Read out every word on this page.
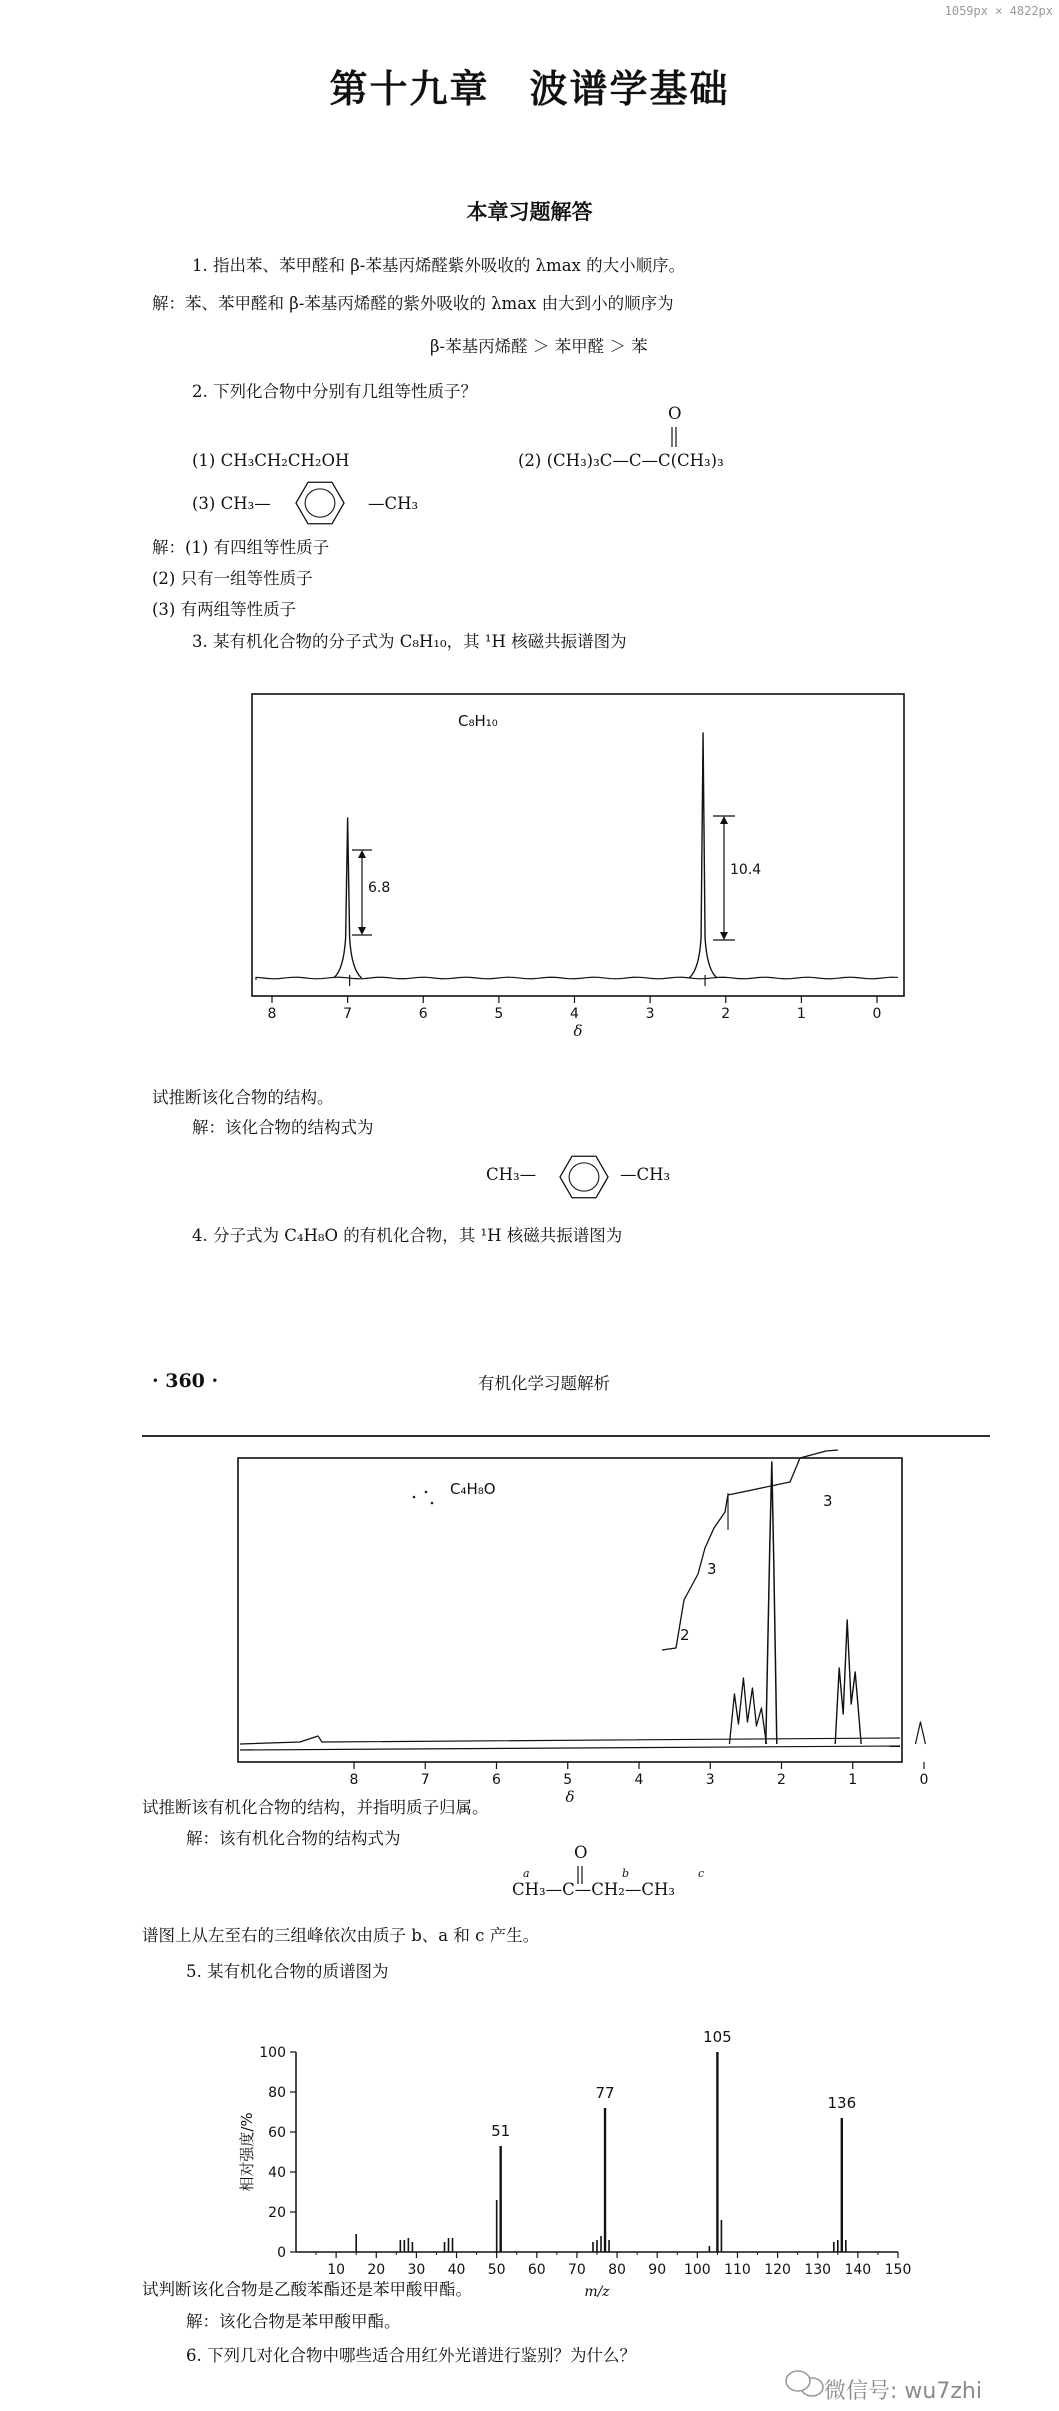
1059px × 4822px
第十九章　波谱学基础
本章习题解答
1. 指出苯、苯甲醛和 β-苯基丙烯醛紫外吸收的 λmax 的大小顺序。
解：苯、苯甲醛和 β-苯基丙烯醛的紫外吸收的 λmax 由大到小的顺序为
β-苯基丙烯醛 ＞ 苯甲醛 ＞ 苯
2. 下列化合物中分别有几组等性质子？
(1) CH₃CH₂CH₂OH	(2) (CH₃)₃C—C—C(CH₃)₃
O
(3) CH₃—	—CH₃
解：(1) 有四组等性质子
(2) 只有一组等性质子
(3) 有两组等性质子
3. 某有机化合物的分子式为 C₈H₁₀，其 ¹H 核磁共振谱图为
C₈H₁₀
6.8
10.4
试推断该化合物的结构。
解：该化合物的结构式为
CH₃—	—CH₃
4. 分子式为 C₄H₈O 的有机化合物，其 ¹H 核磁共振谱图为
· 360 ·	有机化学习题解析
C₄H₈O
3
3
2
试推断该有机化合物的结构，并指明质子归属。
解：该有机化合物的结构式为
a	b	c
O
CH₃—C—CH₂—CH₃
谱图上从左至右的三组峰依次由质子 b、a 和 c 产生。
5. 某有机化合物的质谱图为
试判断该化合物是乙酸苯酯还是苯甲酸甲酯。
解：该化合物是苯甲酸甲酯。
6. 下列几对化合物中哪些适合用红外光谱进行鉴别？为什么？
微信号: wu7zhi
8	7	6	5	4	3	2	1	0
δ
8	7	6	5	4	3	2	1	0
δ
0
20
40
60
80
100
10 20 30 40 50 60 70 80 90 100 110 120 130 140 150
m/z
相对强度/%	51
77
105
136
